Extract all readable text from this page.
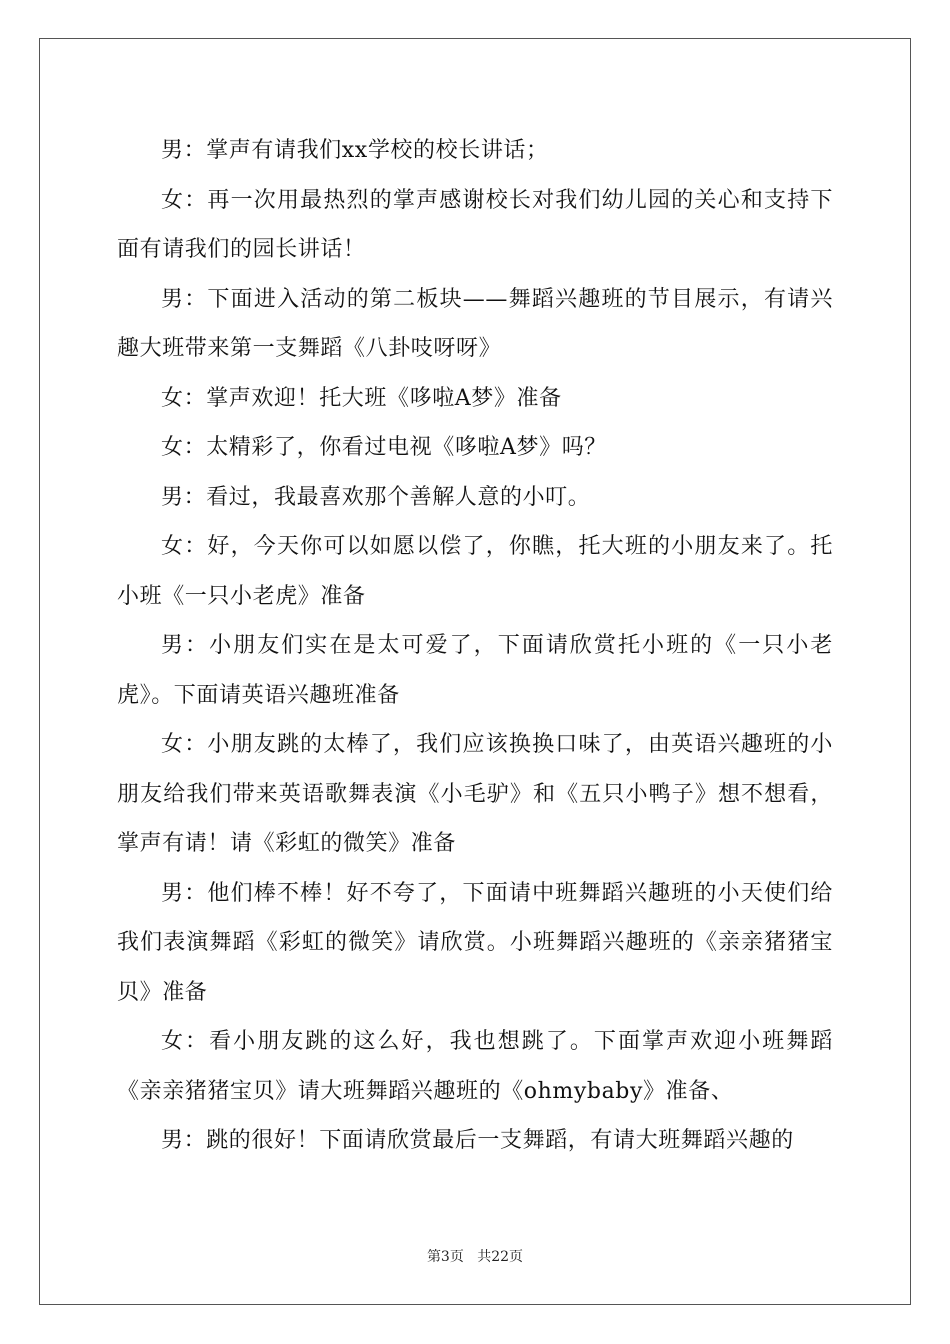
男：掌声有请我们xx学校的校长讲话；

女：再一次用最热烈的掌声感谢校长对我们幼儿园的关心和支持下面有请我们的园长讲话！

男：下面进入活动的第二板块——舞蹈兴趣班的节目展示，有请兴趣大班带来第一支舞蹈《八卦吱呀呀》

女：掌声欢迎！托大班《哆啦A梦》准备

女：太精彩了，你看过电视《哆啦A梦》吗？

男：看过，我最喜欢那个善解人意的小叮。

女：好，今天你可以如愿以偿了，你瞧，托大班的小朋友来了。托小班《一只小老虎》准备

男：小朋友们实在是太可爱了，下面请欣赏托小班的《一只小老虎》。下面请英语兴趣班准备

女：小朋友跳的太棒了，我们应该换换口味了，由英语兴趣班的小朋友给我们带来英语歌舞表演《小毛驴》和《五只小鸭子》想不想看，掌声有请！请《彩虹的微笑》准备

男：他们棒不棒！好不夸了，下面请中班舞蹈兴趣班的小天使们给我们表演舞蹈《彩虹的微笑》请欣赏。小班舞蹈兴趣班的《亲亲猪猪宝贝》准备

女：看小朋友跳的这么好，我也想跳了。下面掌声欢迎小班舞蹈《亲亲猪猪宝贝》请大班舞蹈兴趣班的《ohmybaby》准备、

男：跳的很好！下面请欣赏最后一支舞蹈，有请大班舞蹈兴趣的

第3页 共22页
